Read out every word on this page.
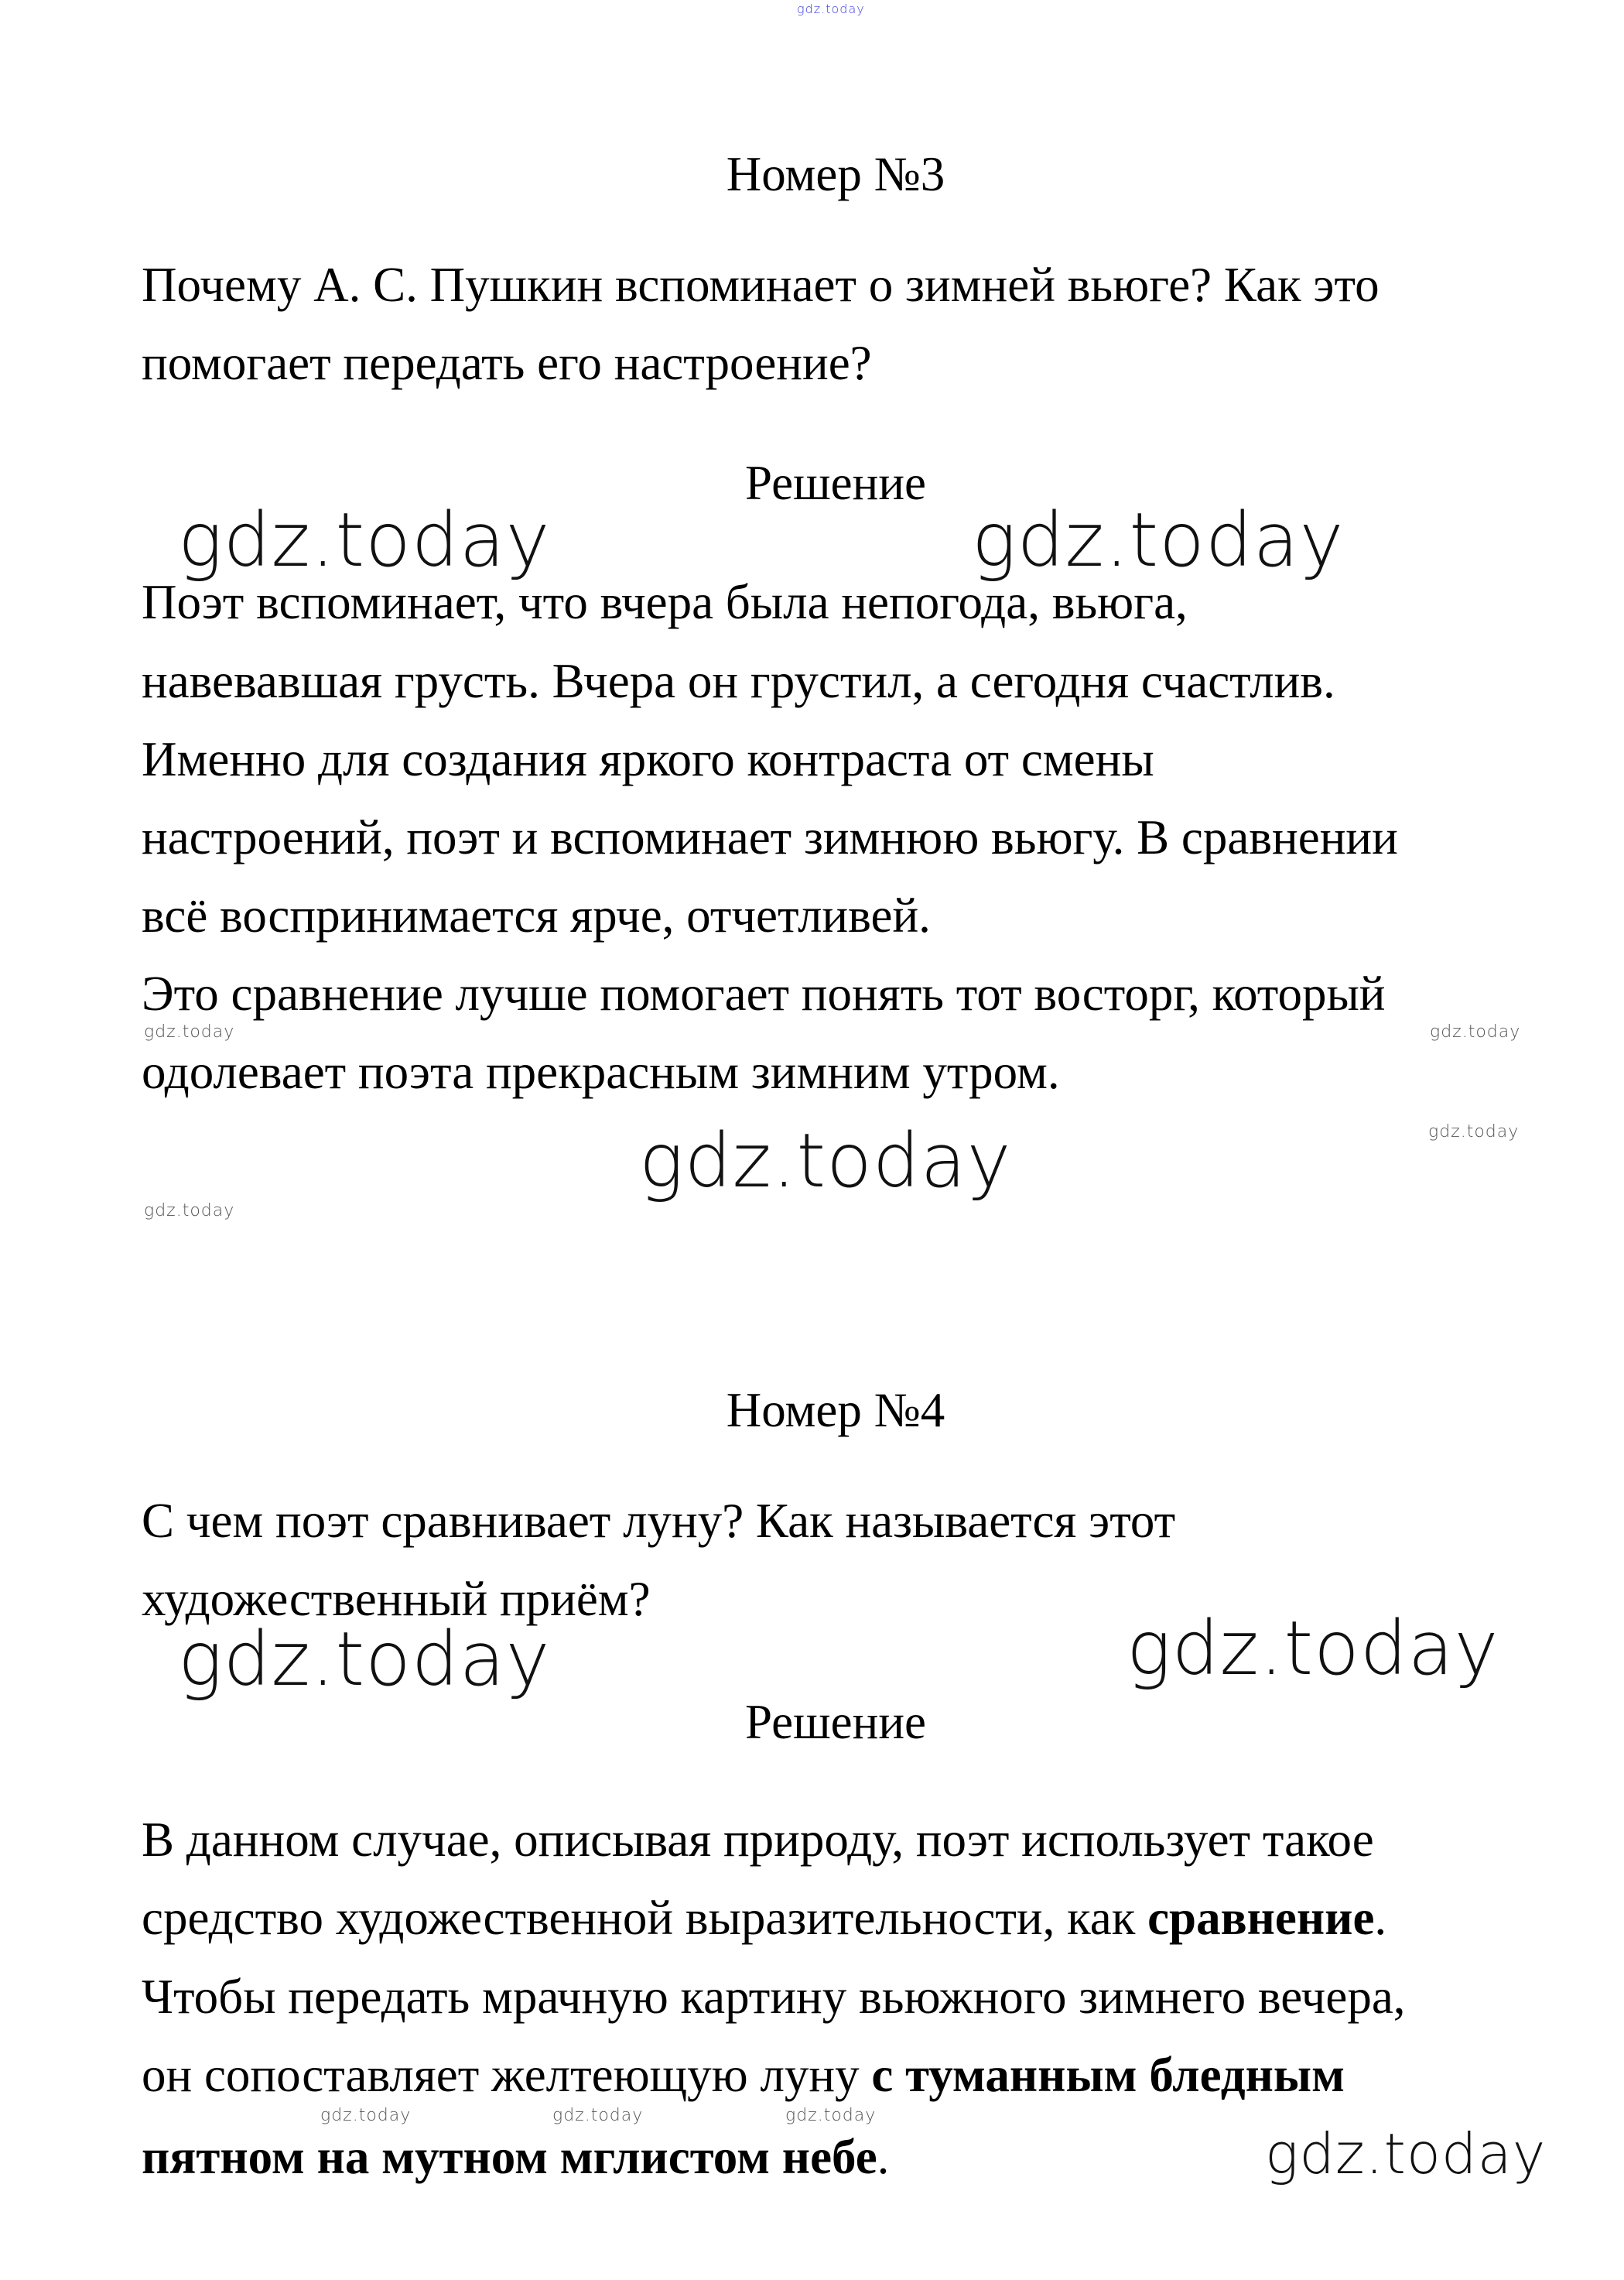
gdz.today
Номер №3
Почему А. С. Пушкин вспоминает о зимней вьюге? Как это
помогает передать его настроение?
Решение
Поэт вспоминает, что вчера была непогода, вьюга,
навевавшая грусть. Вчера он грустил, а сегодня счастлив.
Именно для создания яркого контраста от смены
настроений, поэт и вспоминает зимнюю вьюгу. В сравнении
всё воспринимается ярче, отчетливей.
Это сравнение лучше помогает понять тот восторг, который
одолевает поэта прекрасным зимним утром.
gdz.today	gdz.today
gdz.today
gdz.today
gdz.today
gdz.today
gdz.today
Номер №4
С чем поэт сравнивает луну? Как называется этот
художественный приём?
gdz.today	gdz.today
Решение
В данном случае, описывая природу, поэт использует такое
средство художественной выразительности, как сравнение.
Чтобы передать мрачную картину вьюжного зимнего вечера,
он сопоставляет желтеющую луну с туманным бледным
пятном на мутном мглистом небе.
gdz.today	gdz.today	gdz.today
gdz.today
